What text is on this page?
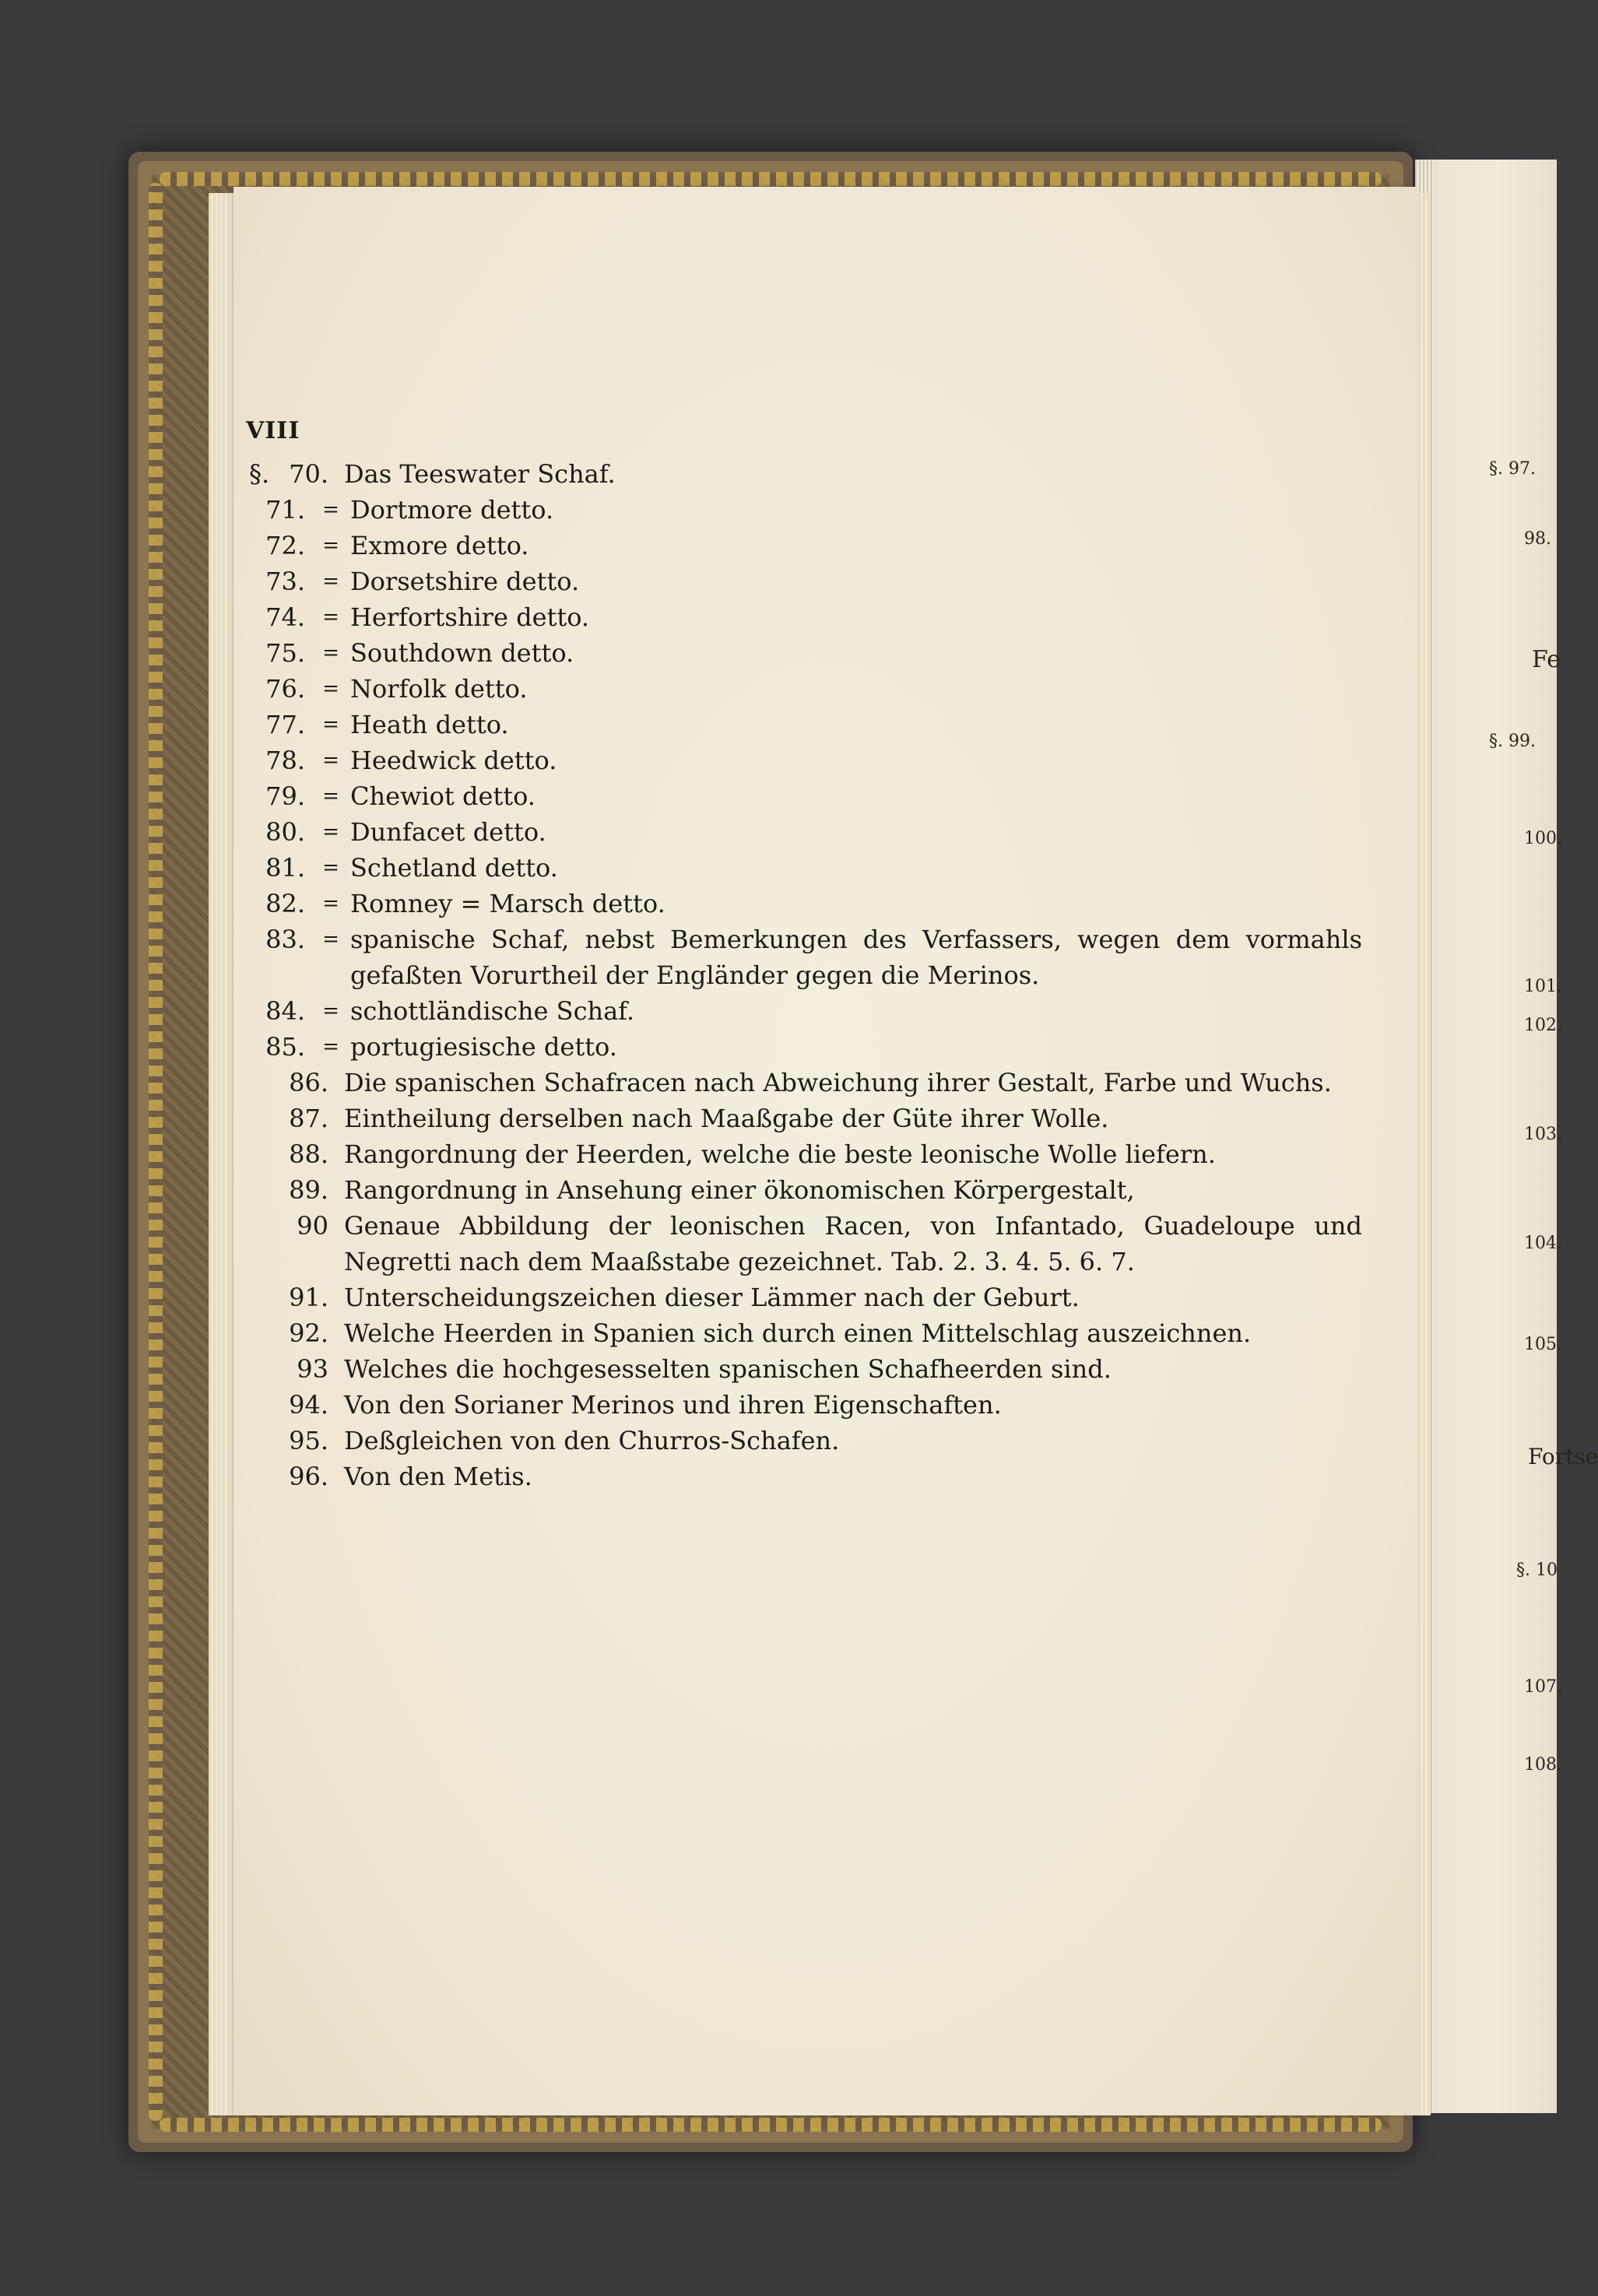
§. 97.
98.
Fe
§. 99.
100.
101.
102.
103.
104.
105.
Fortse
§. 10
107.
108.
VIII
§. 70. Das Teeswater Schaf.
71. = Dortmore detto.
72. = Exmore detto.
73. = Dorsetshire detto.
74. = Herfortshire detto.
75. = Southdown detto.
76. = Norfolk detto.
77. = Heath detto.
78. = Heedwick detto.
79. = Chewiot detto.
80. = Dunfacet detto.
81. = Schetland detto.
82. = Romney = Marsch detto.
83. = spanische Schaf, nebst Bemerkungen des Verfassers, wegen dem vormahls gefaßten Vorurtheil der Engländer gegen die Merinos.
84. = schottländische Schaf.
85. = portugiesische detto.
86. Die spanischen Schafracen nach Abweichung ihrer Gestalt, Farbe und Wuchs.
87. Eintheilung derselben nach Maaßgabe der Güte ihrer Wolle.
88. Rangordnung der Heerden, welche die beste leonische Wolle liefern.
89. Rangordnung in Ansehung einer ökonomischen Körpergestalt,
90 Genaue Abbildung der leonischen Racen, von Infantado, Guadeloupe und Negretti nach dem Maaßstabe gezeichnet. Tab. 2. 3. 4. 5. 6. 7.
91. Unterscheidungszeichen dieser Lämmer nach der Geburt.
92. Welche Heerden in Spanien sich durch einen Mittelschlag auszeichnen.
93 Welches die hochgesesselten spanischen Schafheerden sind.
94. Von den Sorianer Merinos und ihren Eigenschaften.
95. Deßgleichen von den Churros-Schafen.
96. Von den Metis.
